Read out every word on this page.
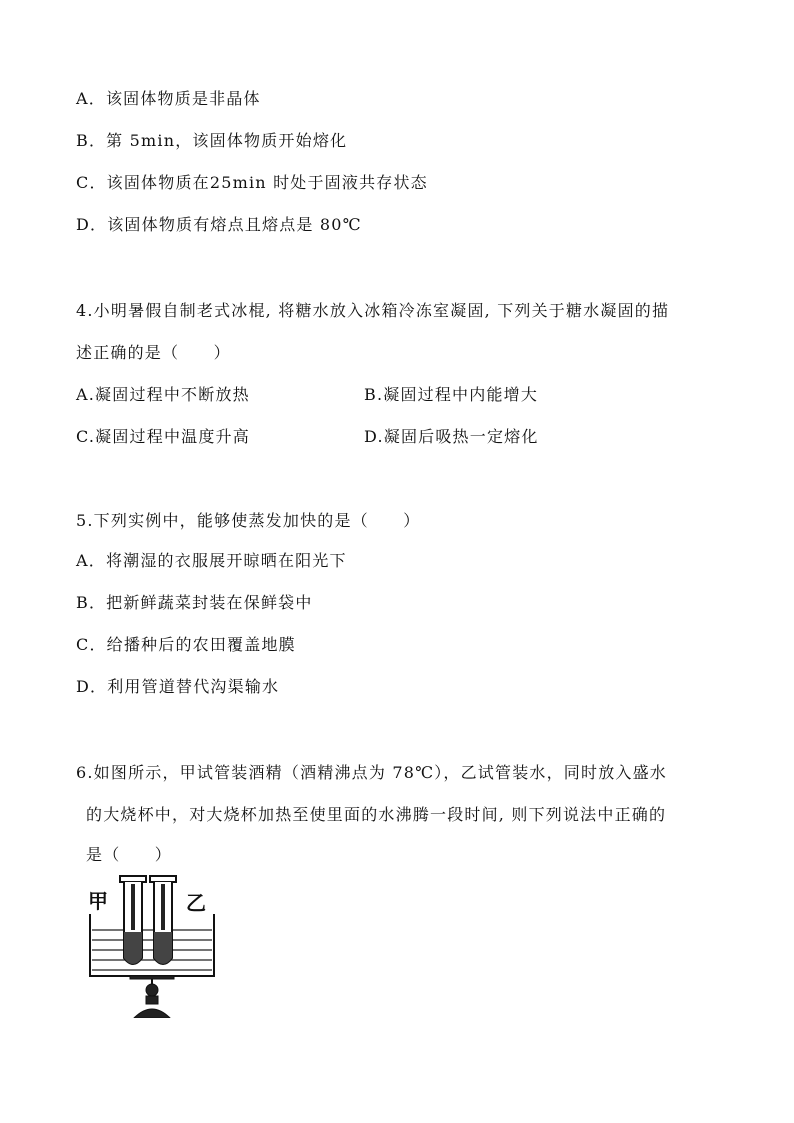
A．该固体物质是非晶体
B．第 5min，该固体物质开始熔化
C．该固体物质在25min 时处于固液共存状态
D．该固体物质有熔点且熔点是 80℃
4.小明暑假自制老式冰棍, 将糖水放入冰箱冷冻室凝固, 下列关于糖水凝固的描
述正确的是（　　）
A.凝固过程中不断放热	B.凝固过程中内能增大
C.凝固过程中温度升高	D.凝固后吸热一定熔化
5.下列实例中，能够使蒸发加快的是（　　）
A．将潮湿的衣服展开晾晒在阳光下
B．把新鲜蔬菜封装在保鲜袋中
C．给播种后的农田覆盖地膜
D．利用管道替代沟渠输水
6.如图所示，甲试管装酒精（酒精沸点为 78℃），乙试管装水，同时放入盛水
的大烧杯中，对大烧杯加热至使里面的水沸腾一段时间, 则下列说法中正确的
是（　　）
甲	乙
